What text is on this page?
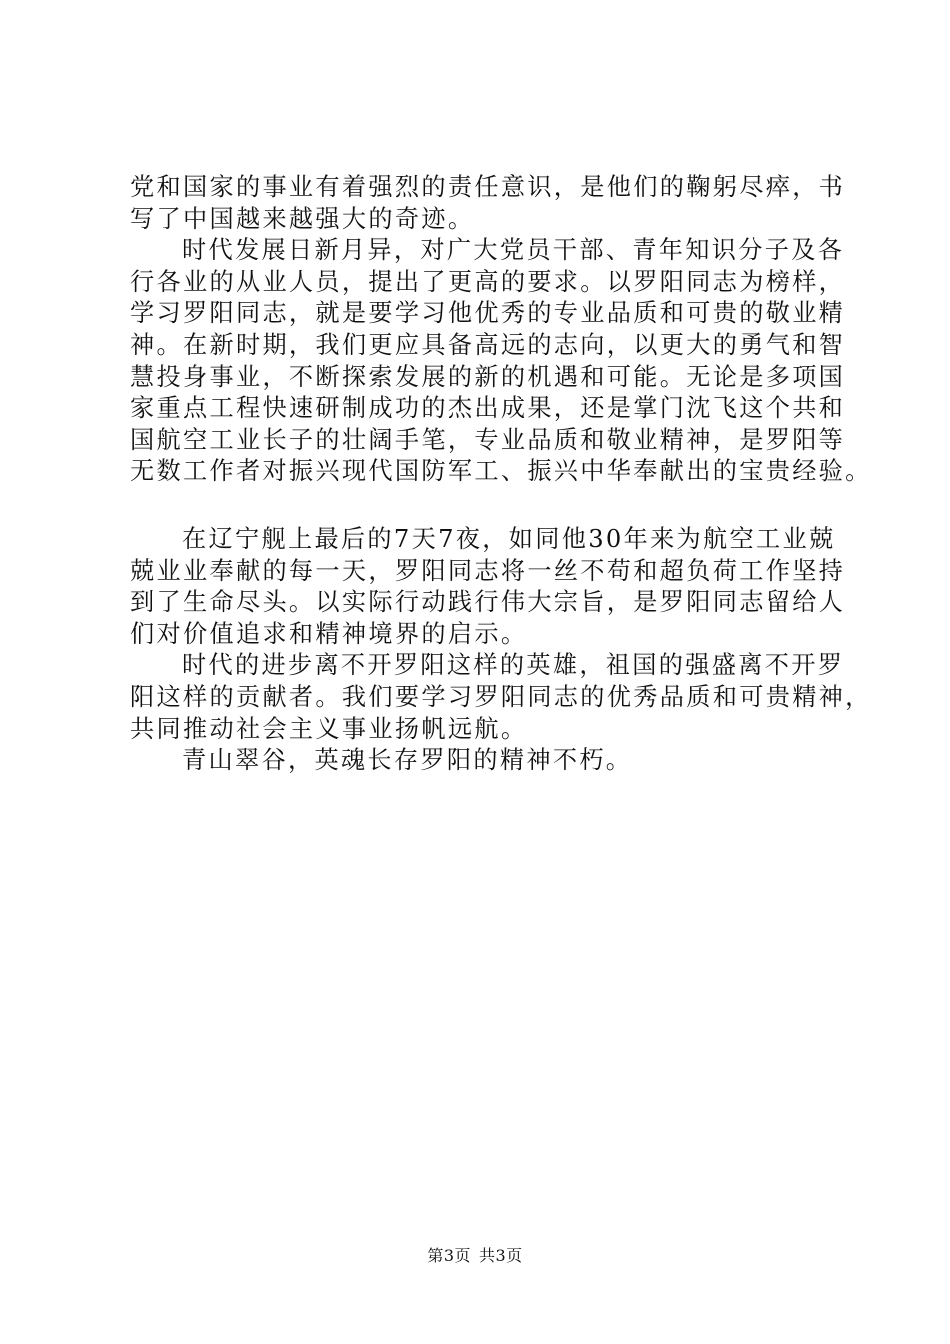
党和国家的事业有着强烈的责任意识，是他们的鞠躬尽瘁，书
写了中国越来越强大的奇迹。
时代发展日新月异，对广大党员干部、青年知识分子及各
行各业的从业人员，提出了更高的要求。以罗阳同志为榜样，
学习罗阳同志，就是要学习他优秀的专业品质和可贵的敬业精
神。在新时期，我们更应具备高远的志向，以更大的勇气和智
慧投身事业，不断探索发展的新的机遇和可能。无论是多项国
家重点工程快速研制成功的杰出成果，还是掌门沈飞这个共和
国航空工业长子的壮阔手笔，专业品质和敬业精神，是罗阳等
无数工作者对振兴现代国防军工、振兴中华奉献出的宝贵经验。
在辽宁舰上最后的7天7夜，如同他30年来为航空工业兢
兢业业奉献的每一天，罗阳同志将一丝不苟和超负荷工作坚持
到了生命尽头。以实际行动践行伟大宗旨，是罗阳同志留给人
们对价值追求和精神境界的启示。
时代的进步离不开罗阳这样的英雄，祖国的强盛离不开罗
阳这样的贡献者。我们要学习罗阳同志的优秀品质和可贵精神，
共同推动社会主义事业扬帆远航。
青山翠谷，英魂长存罗阳的精神不朽。
第3页 共3页
